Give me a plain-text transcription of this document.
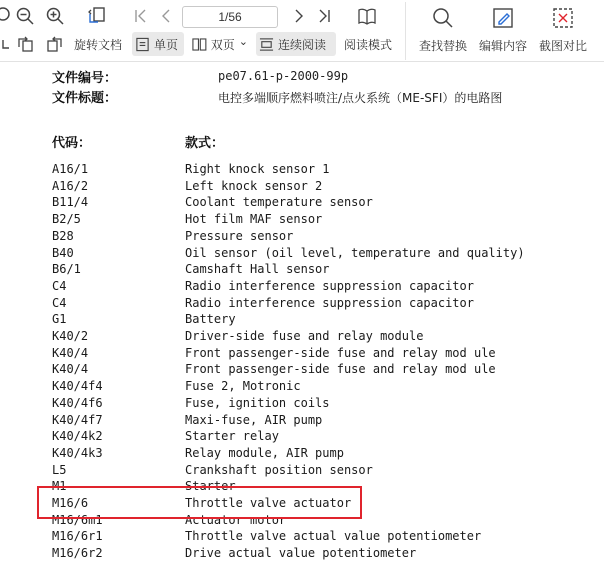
1/56
旋转文档	单页	双页 ⌄	连续阅读 阅读模式	查找替换 编辑内容 截图对比
文件编号：	pe07.61-p-2000-99p
文件标题：	电控多端顺序燃料喷注/点火系统（ME-SFI）的电路图
代码：	款式：
A16/1	Right knock sensor 1
A16/2	Left knock sensor 2
B11/4	Coolant temperature sensor
B2/5	Hot film MAF sensor
B28	Pressure sensor
B40	Oil sensor (oil level, temperature and quality)
B6/1	Camshaft Hall sensor
C4	Radio interference suppression capacitor
C4	Radio interference suppression capacitor
G1	Battery
K40/2	Driver-side fuse and relay module
K40/4	Front passenger-side fuse and relay mod ule
K40/4	Front passenger-side fuse and relay mod ule
K40/4f4	Fuse 2, Motronic
K40/4f6	Fuse, ignition coils
K40/4f7	Maxi-fuse, AIR pump
K40/4k2	Starter relay
K40/4k3	Relay module, AIR pump
L5	Crankshaft position sensor
M1	Starter
M16/6	Throttle valve actuator
M16/6m1	Actuator motor
M16/6r1	Throttle valve actual value potentiometer
M16/6r2	Drive actual value potentiometer
